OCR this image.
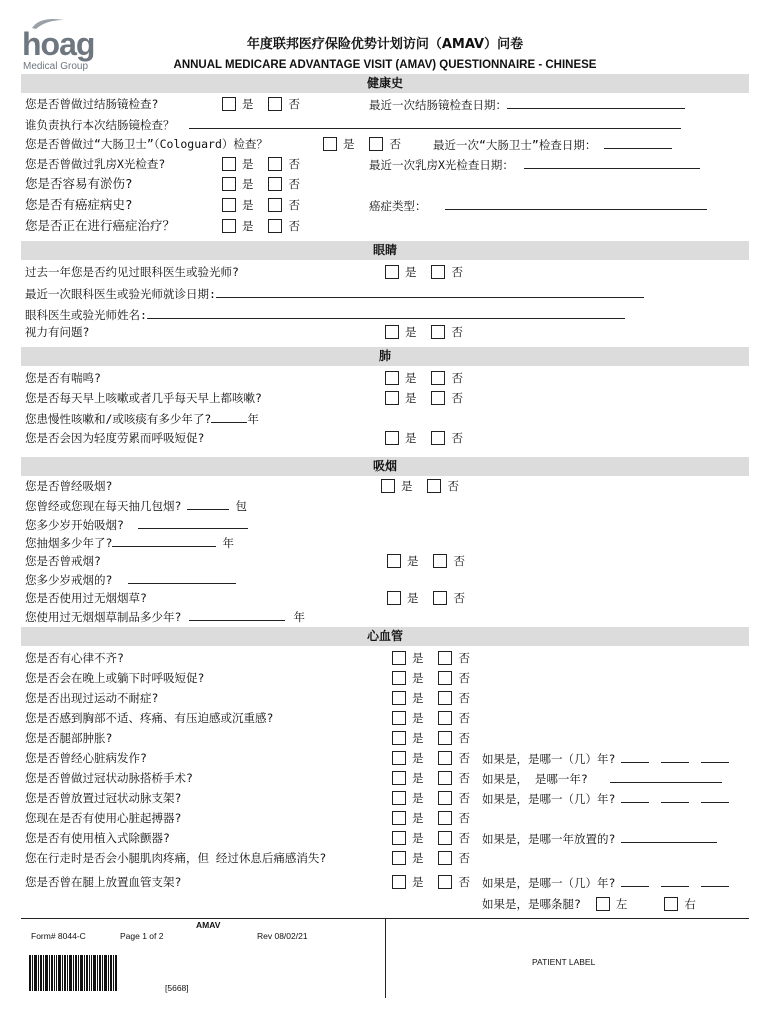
hoag
Medical Group
年度联邦医疗保险优势计划访问（AMAV）问卷
ANNUAL MEDICARE ADVANTAGE VISIT (AMAV) QUESTIONNAIRE - CHINESE
健康史
您是否曾做过结肠镜检查?	是	否	最近一次结肠镜检查日期：
谁负责执行本次结肠镜检查？
您是否曾做过“大肠卫士”（Cologuard）检查？	是	否	最近一次“大肠卫士”检查日期：
您是否曾做过乳房X光检查?	是	否	最近一次乳房X光检查日期：
您是否容易有淤伤?	是	否
您是否有癌症病史?	是	否	癌症类型：
您是否正在进行癌症治疗？	是	否
眼睛
过去一年您是否约见过眼科医生或验光师?	是	否
最近一次眼科医生或验光师就诊日期:
眼科医生或验光师姓名:
视力有问题?	是	否
肺
您是否有喘鸣?	是	否
您是否每天早上咳嗽或者几乎每天早上都咳嗽?	是	否
您患慢性咳嗽和/或咳痰有多少年了?	年
您是否会因为轻度劳累而呼吸短促?	是	否
吸烟
您是否曾经吸烟?	是	否
您曾经或您现在每天抽几包烟?	包
您多少岁开始吸烟?
您抽烟多少年了?	年
您是否曾戒烟?	是	否
您多少岁戒烟的?
您是否使用过无烟烟草?	是	否
您使用过无烟烟草制品多少年?	年
心血管
您是否有心律不齐?	是	否
您是否会在晚上或躺下时呼吸短促?	是	否
您是否出现过运动不耐症?	是	否
您是否感到胸部不适、疼痛、有压迫感或沉重感?	是	否
您是否腿部肿胀?	是	否
您是否曾经心脏病发作?	是	否 如果是，是哪一（几）年?
您是否曾做过冠状动脉搭桥手术?	是	否 如果是， 是哪一年?
您是否曾放置过冠状动脉支架?	是	否 如果是，是哪一（几）年?
您现在是否有使用心脏起搏器?	是	否
您是否有使用植入式除颤器?	是	否 如果是，是哪一年放置的?
您在行走时是否会小腿肌肉疼痛，但 经过休息后痛感消失?	是	否
您是否曾在腿上放置血管支架?	是	否 如果是，是哪一（几）年?
如果是，是哪条腿?	左	右
AMAV
Form# 8044-C	Page 1 of 2	Rev 08/02/21
[5668]
PATIENT LABEL
